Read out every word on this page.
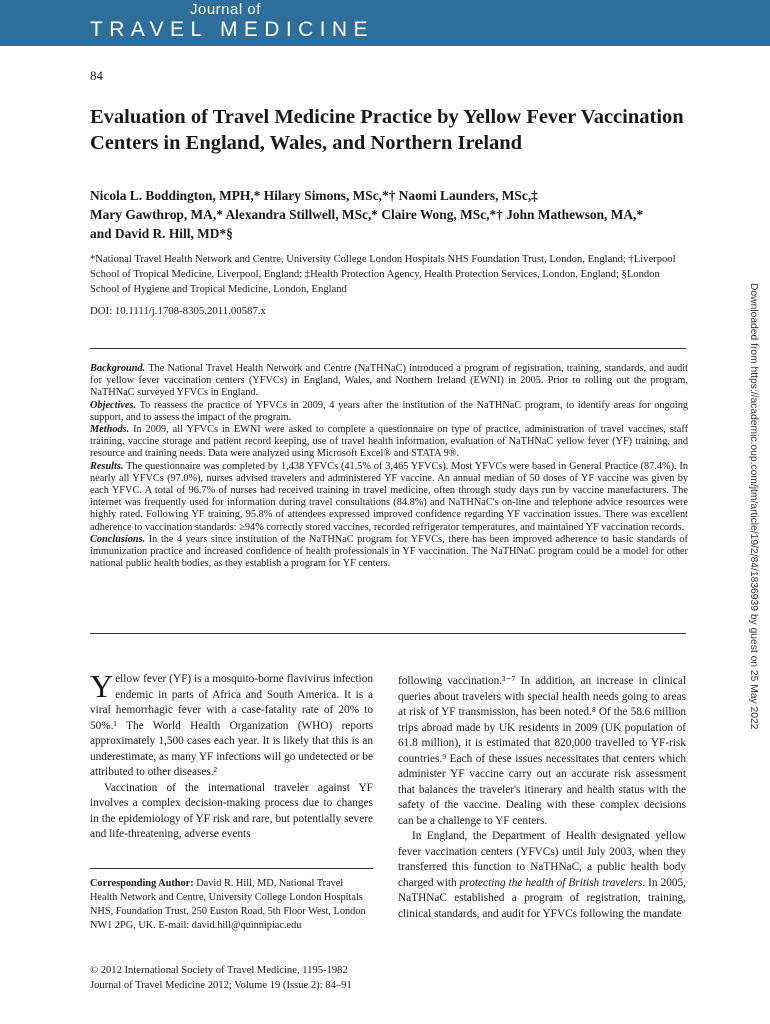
Journal of
TRAVEL MEDICINE
84
Evaluation of Travel Medicine Practice by Yellow Fever Vaccination Centers in England, Wales, and Northern Ireland
Nicola L. Boddington, MPH,* Hilary Simons, MSc,*† Naomi Launders, MSc,‡
Mary Gawthrop, MA,* Alexandra Stillwell, MSc,* Claire Wong, MSc,*† John Mathewson, MA,*
and David R. Hill, MD*§
*National Travel Health Network and Centre, University College London Hospitals NHS Foundation Trust, London, England; †Liverpool School of Tropical Medicine, Liverpool, England; ‡Health Protection Agency, Health Protection Services, London, England; §London School of Hygiene and Tropical Medicine, London, England
DOI: 10.1111/j.1708-8305.2011.00587.x

Background. The National Travel Health Network and Centre (NaTHNaC) introduced a program of registration, training, standards, and audit for yellow fever vaccination centers (YFVCs) in England, Wales, and Northern Ireland (EWNI) in 2005. Prior to rolling out the program, NaTHNaC surveyed YFVCs in England.

Objectives. To reassess the practice of YFVCs in 2009, 4 years after the institution of the NaTHNaC program, to identify areas for ongoing support, and to assess the impact of the program.

Methods. In 2009, all YFVCs in EWNI were asked to complete a questionnaire on type of practice, administration of travel vaccines, staff training, vaccine storage and patient record keeping, use of travel health information, evaluation of NaTHNaC yellow fever (YF) training, and resource and training needs. Data were analyzed using Microsoft Excel® and STATA 9®.

Results. The questionnaire was completed by 1,438 YFVCs (41.5% of 3,465 YFVCs). Most YFVCs were based in General Practice (87.4%). In nearly all YFVCs (97.0%), nurses advised travelers and administered YF vaccine. An annual median of 50 doses of YF vaccine was given by each YFVC. A total of 96.7% of nurses had received training in travel medicine, often through study days run by vaccine manufacturers. The internet was frequently used for information during travel consultations (84.8%) and NaTHNaC's on-line and telephone advice resources were highly rated. Following YF training, 95.8% of attendees expressed improved confidence regarding YF vaccination issues. There was excellent adherence to vaccination standards: ≥94% correctly stored vaccines, recorded refrigerator temperatures, and maintained YF vaccination records.

Conclusions. In the 4 years since institution of the NaTHNaC program for YFVCs, there has been improved adherence to basic standards of immunization practice and increased confidence of health professionals in YF vaccination. The NaTHNaC program could be a model for other national public health bodies, as they establish a program for YF centers.

Yellow fever (YF) is a mosquito-borne flavivirus infection endemic in parts of Africa and South America. It is a viral hemorrhagic fever with a case-fatality rate of 20% to 50%.¹ The World Health Organization (WHO) reports approximately 1,500 cases each year. It is likely that this is an underestimate, as many YF infections will go undetected or be attributed to other diseases.²

Vaccination of the international traveler against YF involves a complex decision-making process due to changes in the epidemiology of YF risk and rare, but potentially severe and life-threatening, adverse events

Corresponding Author: David R. Hill, MD, National Travel Health Network and Centre, University College London Hospitals NHS, Foundation Trust, 250 Euston Road, 5th Floor West, London NW1 2PG, UK. E-mail: david.hill@quinnipiac.edu

following vaccination.³⁻⁷ In addition, an increase in clinical queries about travelers with special health needs going to areas at risk of YF transmission, has been noted.⁸ Of the 58.6 million trips abroad made by UK residents in 2009 (UK population of 61.8 million), it is estimated that 820,000 travelled to YF-risk countries.⁹ Each of these issues necessitates that centers which administer YF vaccine carry out an accurate risk assessment that balances the traveler's itinerary and health status with the safety of the vaccine. Dealing with these complex decisions can be a challenge to YF centers.

In England, the Department of Health designated yellow fever vaccination centers (YFVCs) until July 2003, when they transferred this function to NaTHNaC, a public health body charged with protecting the health of British travelers. In 2005, NaTHNaC established a program of registration, training, clinical standards, and audit for YFVCs following the mandate

© 2012 International Society of Travel Medicine, 1195-1982

Journal of Travel Medicine 2012; Volume 19 (Issue 2): 84–91

Downloaded from https://academic.oup.com/jtm/article/19/2/84/1836939 by guest on 25 May 2022
